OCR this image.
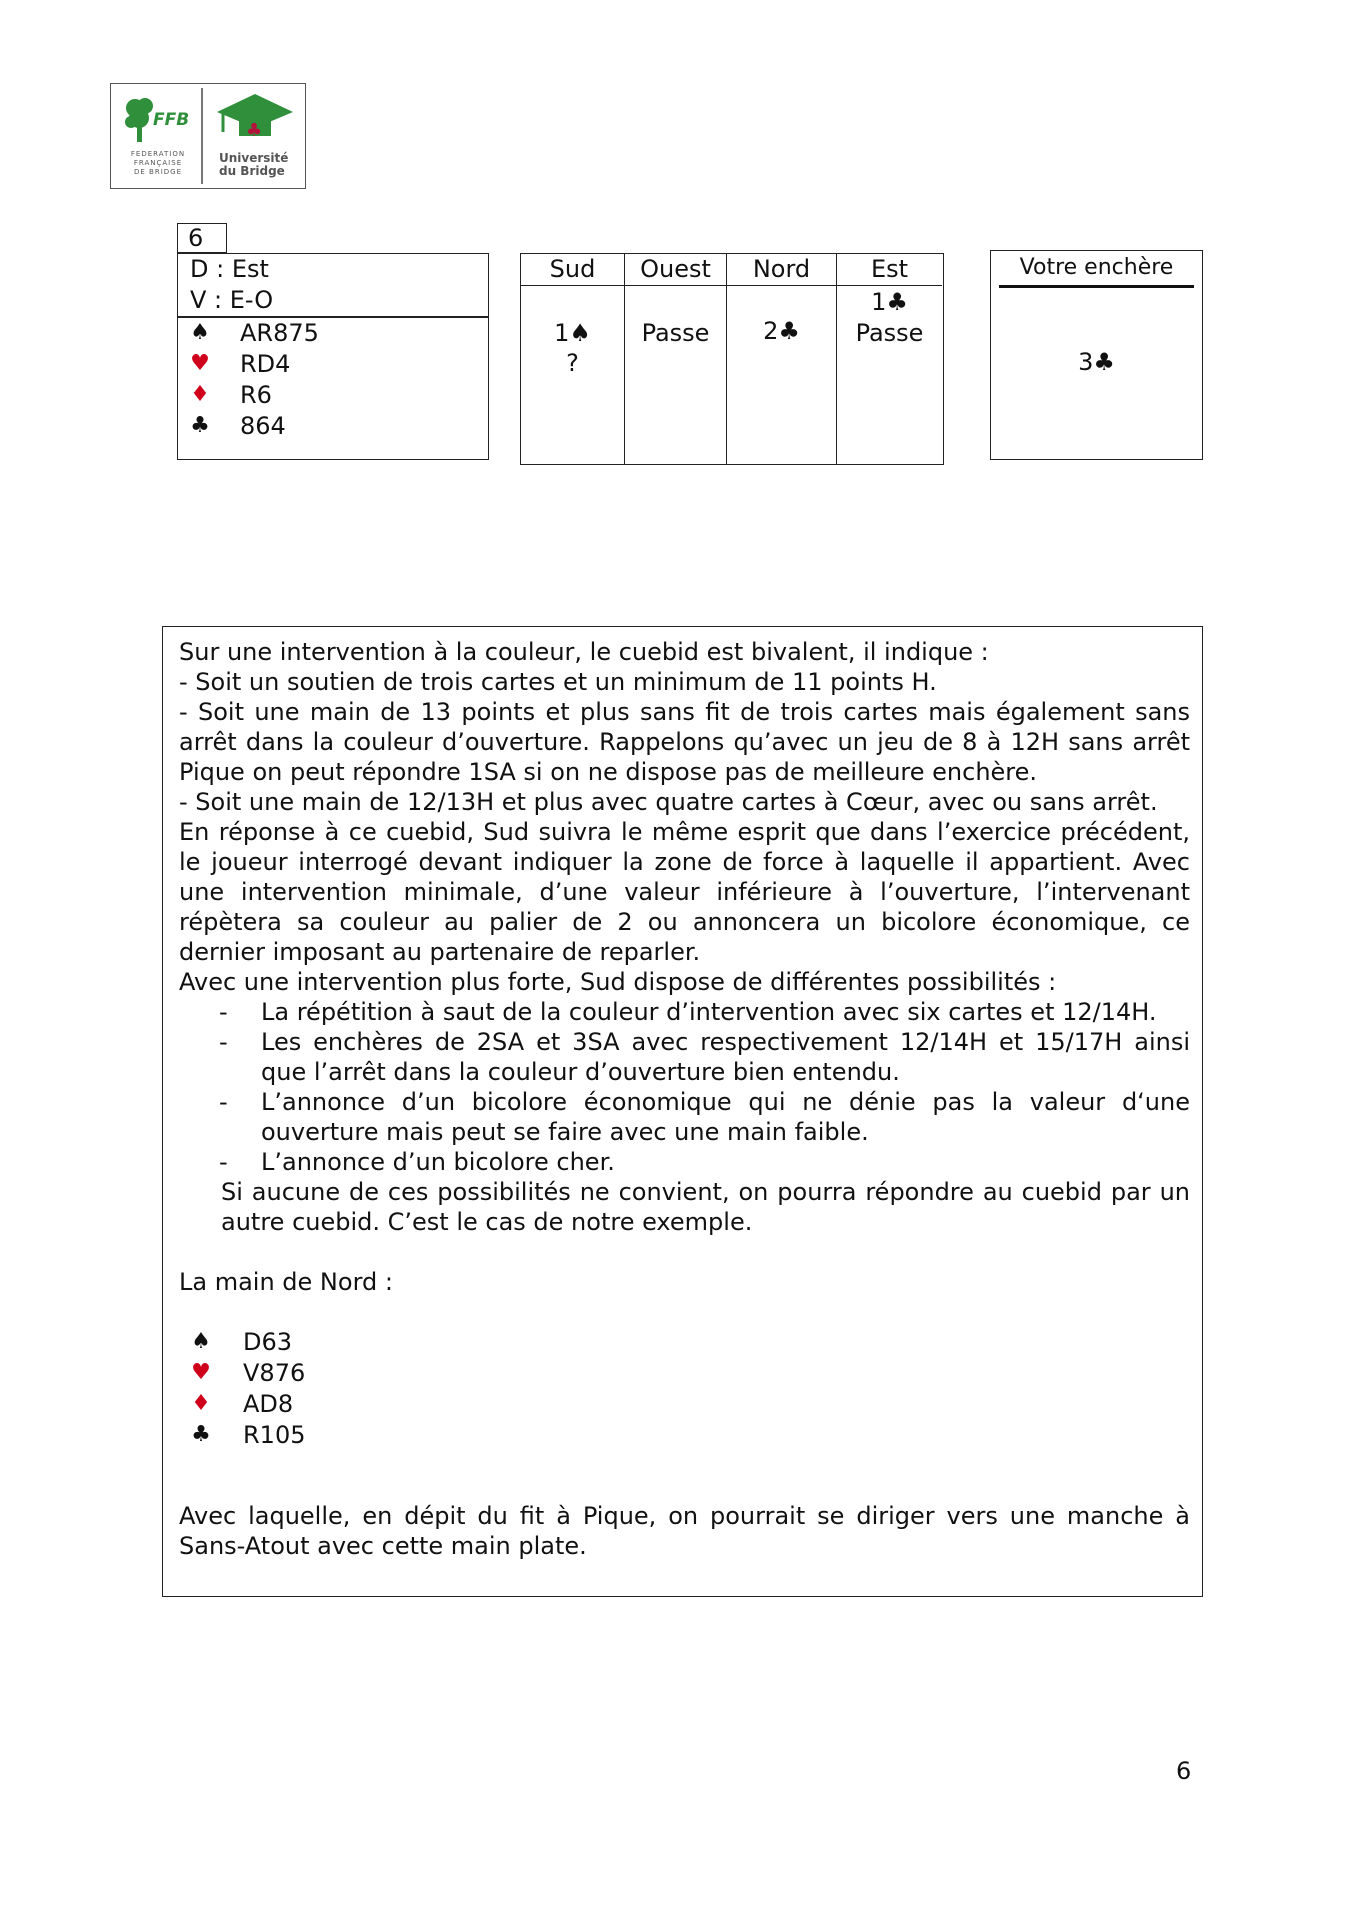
FFB
FEDERATION
FRANÇAISE
DE BRIDGE
♣
Université
du Bridge
6
D : Est
V : E-O
♠ AR875
♥ RD4
♦ R6
♣ 864
Sud
1♠
?
Ouest
Passe
Nord
2♣
Est
1♣
Passe
Votre enchère
3♣

Sur une intervention à la couleur, le cuebid est bivalent, il indique :

- Soit un soutien de trois cartes et un minimum de 11 points H.

- Soit une main de 13 points et plus sans fit de trois cartes mais également sans arrêt dans la couleur d’ouverture. Rappelons qu’avec un jeu de 8 à 12H sans arrêt Pique on peut répondre 1SA si on ne dispose pas de meilleure enchère.

- Soit une main de 12/13H et plus avec quatre cartes à Cœur, avec ou sans arrêt.

En réponse à ce cuebid, Sud suivra le même esprit que dans l’exercice précédent, le joueur interrogé devant indiquer la zone de force à laquelle il appartient. Avec une intervention minimale, d’une valeur inférieure à l’ouverture, l’intervenant répètera sa couleur au palier de 2 ou annoncera un bicolore économique, ce dernier imposant au partenaire de reparler.

Avec une intervention plus forte, Sud dispose de différentes possibilités :

- La répétition à saut de la couleur d’intervention avec six cartes et 12/14H.

- Les enchères de 2SA et 3SA avec respectivement 12/14H et 15/17H ainsi que l’arrêt dans la couleur d’ouverture bien entendu.

- L’annonce d’un bicolore économique qui ne dénie pas la valeur d‘une ouverture mais peut se faire avec une main faible.

- L’annonce d’un bicolore cher.

Si aucune de ces possibilités ne convient, on pourra répondre au cuebid par un autre cuebid. C’est le cas de notre exemple.

La main de Nord :

♠ D63
♥ V876
♦ AD8
♣ R105

Avec laquelle, en dépit du fit à Pique, on pourrait se diriger vers une manche à Sans-Atout avec cette main plate.

6
